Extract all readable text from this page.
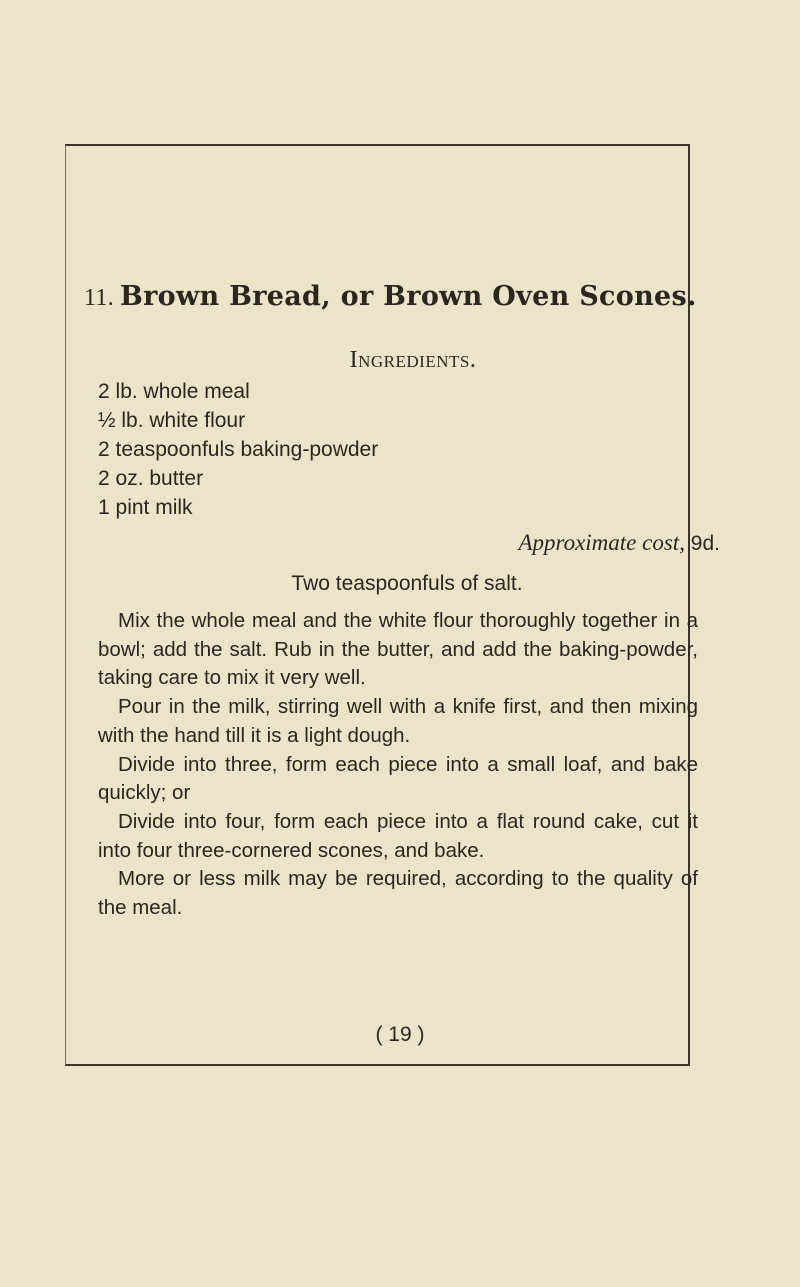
11. Brown Bread, or Brown Oven Scones.
Ingredients.
2
lb. whole meal
½
lb. white flour
2
teaspoonfuls baking-powder
2
oz. butter
1
pint milk
Approximate cost, 9d.
Two teaspoonfuls of salt.

Mix the whole meal and the white flour thoroughly together in a bowl; add the salt. Rub in the butter, and add the baking-powder, taking care to mix it very well.

Pour in the milk, stirring well with a knife first, and then mixing with the hand till it is a light dough.

Divide into three, form each piece into a small loaf, and bake quickly; or

Divide into four, form each piece into a flat round cake, cut it into four three-cornered scones, and bake.

More or less milk may be required, according to the quality of the meal.

( 19 )
